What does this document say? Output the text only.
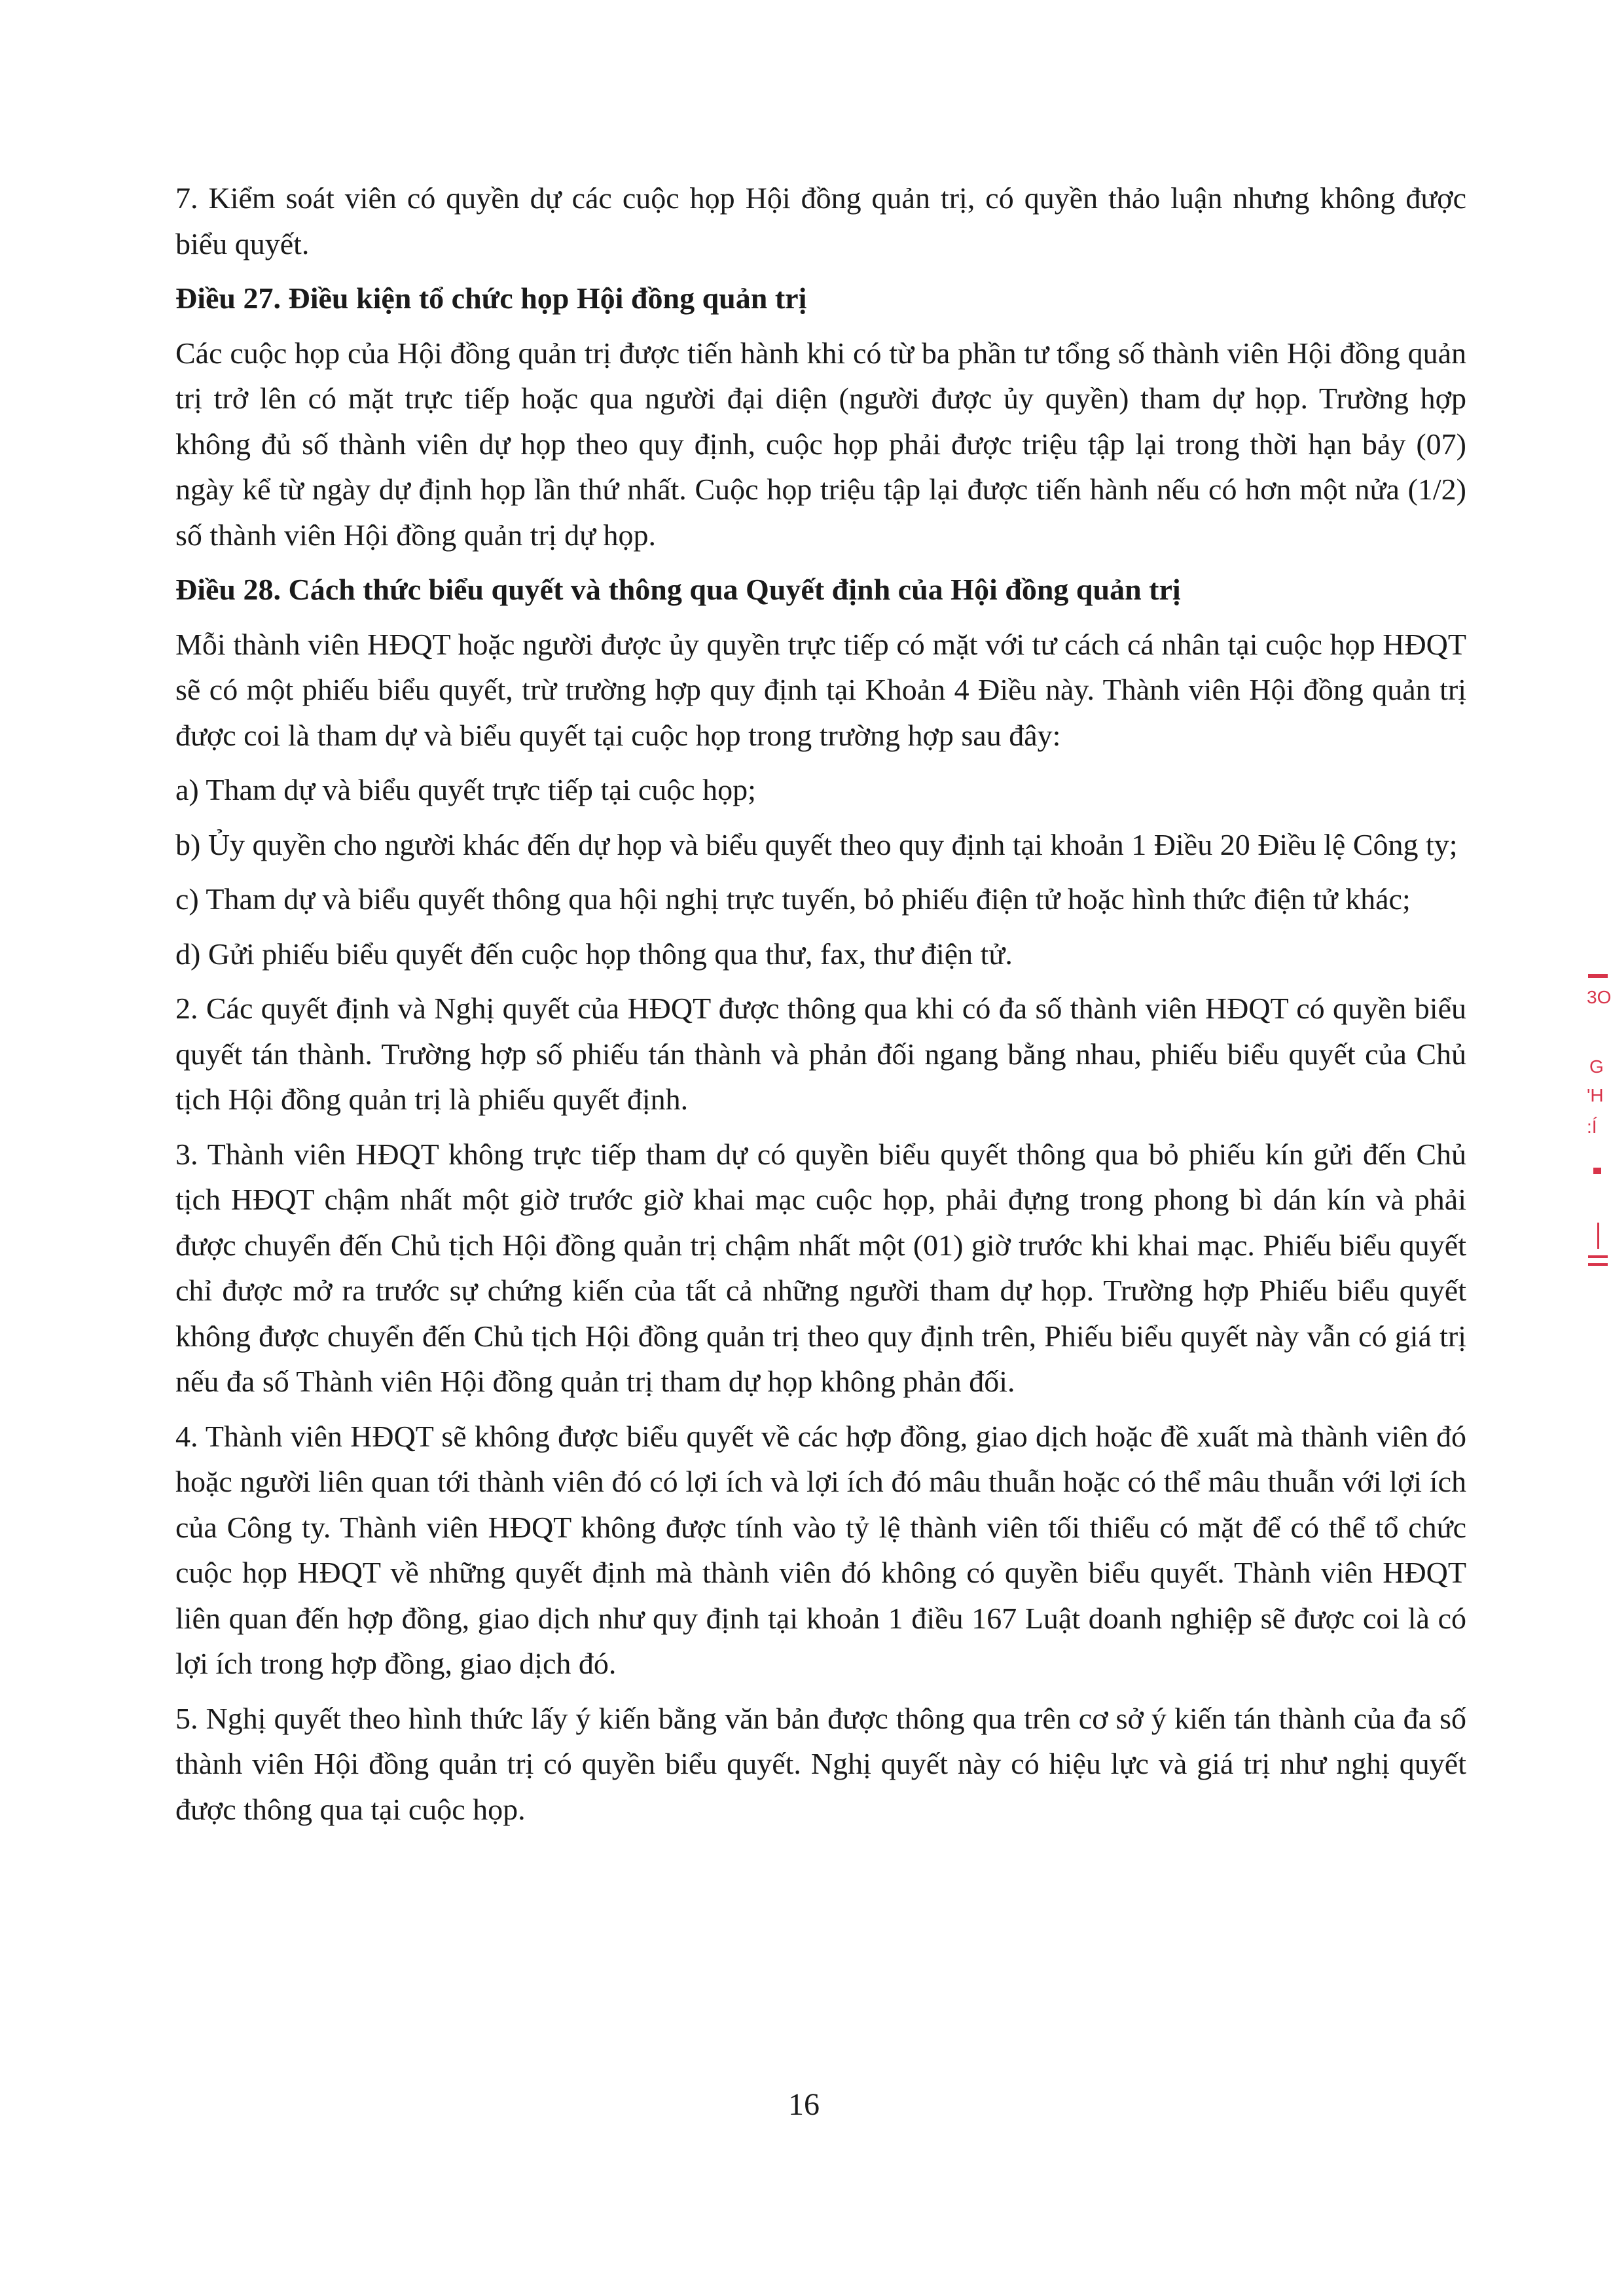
7. Kiểm soát viên có quyền dự các cuộc họp Hội đồng quản trị, có quyền thảo luận nhưng không được biểu quyết.

Điều 27. Điều kiện tổ chức họp Hội đồng quản trị

Các cuộc họp của Hội đồng quản trị được tiến hành khi có từ ba phần tư tổng số thành viên Hội đồng quản trị trở lên có mặt trực tiếp hoặc qua người đại diện (người được ủy quyền) tham dự họp. Trường hợp không đủ số thành viên dự họp theo quy định, cuộc họp phải được triệu tập lại trong thời hạn bảy (07) ngày kể từ ngày dự định họp lần thứ nhất. Cuộc họp triệu tập lại được tiến hành nếu có hơn một nửa (1/2) số thành viên Hội đồng quản trị dự họp.

Điều 28. Cách thức biểu quyết và thông qua Quyết định của Hội đồng quản trị

Mỗi thành viên HĐQT hoặc người được ủy quyền trực tiếp có mặt với tư cách cá nhân tại cuộc họp HĐQT sẽ có một phiếu biểu quyết, trừ trường hợp quy định tại Khoản 4 Điều này. Thành viên Hội đồng quản trị được coi là tham dự và biểu quyết tại cuộc họp trong trường hợp sau đây:

a) Tham dự và biểu quyết trực tiếp tại cuộc họp;

b) Ủy quyền cho người khác đến dự họp và biểu quyết theo quy định tại khoản 1 Điều 20 Điều lệ Công ty;

c) Tham dự và biểu quyết thông qua hội nghị trực tuyến, bỏ phiếu điện tử hoặc hình thức điện tử khác;

d) Gửi phiếu biểu quyết đến cuộc họp thông qua thư, fax, thư điện tử.

2. Các quyết định và Nghị quyết của HĐQT được thông qua khi có đa số thành viên HĐQT có quyền biểu quyết tán thành. Trường hợp số phiếu tán thành và phản đối ngang bằng nhau, phiếu biểu quyết của Chủ tịch Hội đồng quản trị là phiếu quyết định.

3. Thành viên HĐQT không trực tiếp tham dự có quyền biểu quyết thông qua bỏ phiếu kín gửi đến Chủ tịch HĐQT chậm nhất một giờ trước giờ khai mạc cuộc họp, phải đựng trong phong bì dán kín và phải được chuyển đến Chủ tịch Hội đồng quản trị chậm nhất một (01) giờ trước khi khai mạc. Phiếu biểu quyết chỉ được mở ra trước sự chứng kiến của tất cả những người tham dự họp. Trường hợp Phiếu biểu quyết không được chuyển đến Chủ tịch Hội đồng quản trị theo quy định trên, Phiếu biểu quyết này vẫn có giá trị nếu đa số Thành viên Hội đồng quản trị tham dự họp không phản đối.

4. Thành viên HĐQT sẽ không được biểu quyết về các hợp đồng, giao dịch hoặc đề xuất mà thành viên đó hoặc người liên quan tới thành viên đó có lợi ích và lợi ích đó mâu thuẫn hoặc có thể mâu thuẫn với lợi ích của Công ty. Thành viên HĐQT không được tính vào tỷ lệ thành viên tối thiểu có mặt để có thể tổ chức cuộc họp HĐQT về những quyết định mà thành viên đó không có quyền biểu quyết. Thành viên HĐQT liên quan đến hợp đồng, giao dịch như quy định tại khoản 1 điều 167 Luật doanh nghiệp sẽ được coi là có lợi ích trong hợp đồng, giao dịch đó.

5. Nghị quyết theo hình thức lấy ý kiến bằng văn bản được thông qua trên cơ sở ý kiến tán thành của đa số thành viên Hội đồng quản trị có quyền biểu quyết. Nghị quyết này có hiệu lực và giá trị như nghị quyết được thông qua tại cuộc họp.

16
3O
G
'H
:Í
